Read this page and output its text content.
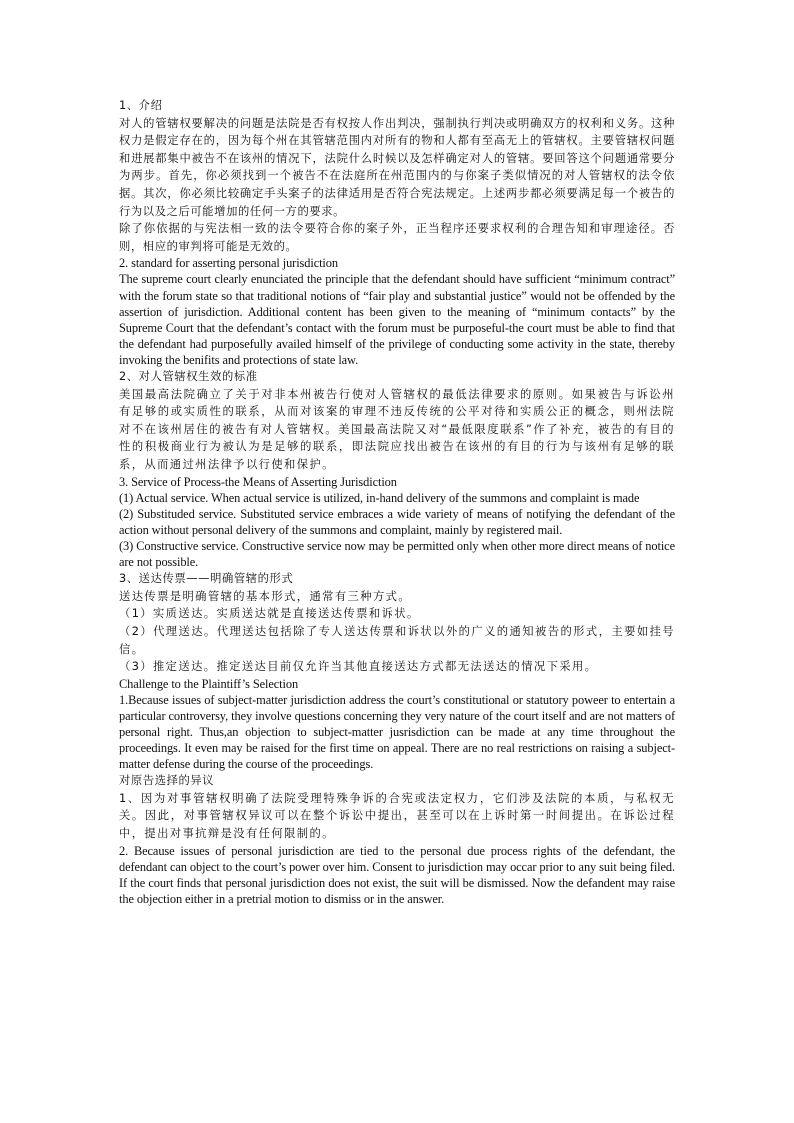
1、介绍

对人的管辖权要解决的问题是法院是否有权按人作出判决，强制执行判决或明确双方的权利和义务。这种权力是假定存在的，因为每个州在其管辖范围内对所有的物和人都有至高无上的管辖权。主要管辖权问题和进展都集中被告不在该州的情况下，法院什么时候以及怎样确定对人的管辖。要回答这个问题通常要分为两步。首先，你必须找到一个被告不在法庭所在州范围内的与你案子类似情况的对人管辖权的法令依据。其次，你必须比较确定手头案子的法律适用是否符合宪法规定。上述两步都必须要满足每一个被告的行为以及之后可能增加的任何一方的要求。

除了你依据的与宪法相一致的法令要符合你的案子外，正当程序还要求权利的合理告知和审理途径。否则，相应的审判将可能是无效的。

2. standard for asserting personal jurisdiction

The supreme court clearly enunciated the principle that the defendant should have sufficient “minimum contract” with the forum state so that traditional notions of “fair play and substantial justice” would not be offended by the assertion of jurisdiction. Additional content has been given to the meaning of “minimum contacts” by the Supreme Court that the defendant’s contact with the forum must be purposeful-the court must be able to find that the defendant had purposefully availed himself of the privilege of conducting some activity in the state, thereby invoking the benifits and protections of state law.

2、对人管辖权生效的标准

美国最高法院确立了关于对非本州被告行使对人管辖权的最低法律要求的原则。如果被告与诉讼州有足够的或实质性的联系，从而对该案的审理不违反传统的公平对待和实质公正的概念，则州法院对不在该州居住的被告有对人管辖权。美国最高法院又对“最低限度联系”作了补充，被告的有目的性的积极商业行为被认为是足够的联系，即法院应找出被告在该州的有目的行为与该州有足够的联系，从而通过州法律予以行使和保护。

3. Service of Process-the Means of Asserting Jurisdiction

(1) Actual service. When actual service is utilized, in-hand delivery of the summons and complaint is made

(2) Substituded service. Substituted service embraces a wide variety of means of notifying the defendant of the action without personal delivery of the summons and complaint, mainly by registered mail.

(3) Constructive service. Constructive service now may be permitted only when other more direct means of notice are not possible.

3、送达传票——明确管辖的形式

送达传票是明确管辖的基本形式，通常有三种方式。

（1）实质送达。实质送达就是直接送达传票和诉状。

（2）代理送达。代理送达包括除了专人送达传票和诉状以外的广义的通知被告的形式，主要如挂号信。

（3）推定送达。推定送达目前仅允许当其他直接送达方式都无法送达的情况下采用。

Challenge to the Plaintiff’s Selection

1.Because issues of subject-matter jurisdiction address the court’s constitutional or statutory poweer to entertain a particular controversy, they involve questions concerning they very nature of the court itself and are not matters of personal right. Thus,an objection to subject-matter jusrisdiction can be made at any time throughout the proceedings. It even may be raised for the first time on appeal. There are no real restrictions on raising a subject-matter defense during the course of the proceedings.

对原告选择的异议

1、因为对事管辖权明确了法院受理特殊争诉的合宪或法定权力，它们涉及法院的本质，与私权无关。因此，对事管辖权异议可以在整个诉讼中提出，甚至可以在上诉时第一时间提出。在诉讼过程中，提出对事抗辩是没有任何限制的。

2. Because issues of personal jurisdiction are tied to the personal due process rights of the defendant, the defendant can object to the court’s power over him. Consent to jurisdiction may occar prior to any suit being filed. If the court finds that personal jurisdiction does not exist, the suit will be dismissed. Now the defandent may raise the objection either in a pretrial motion to dismiss or in the answer.
